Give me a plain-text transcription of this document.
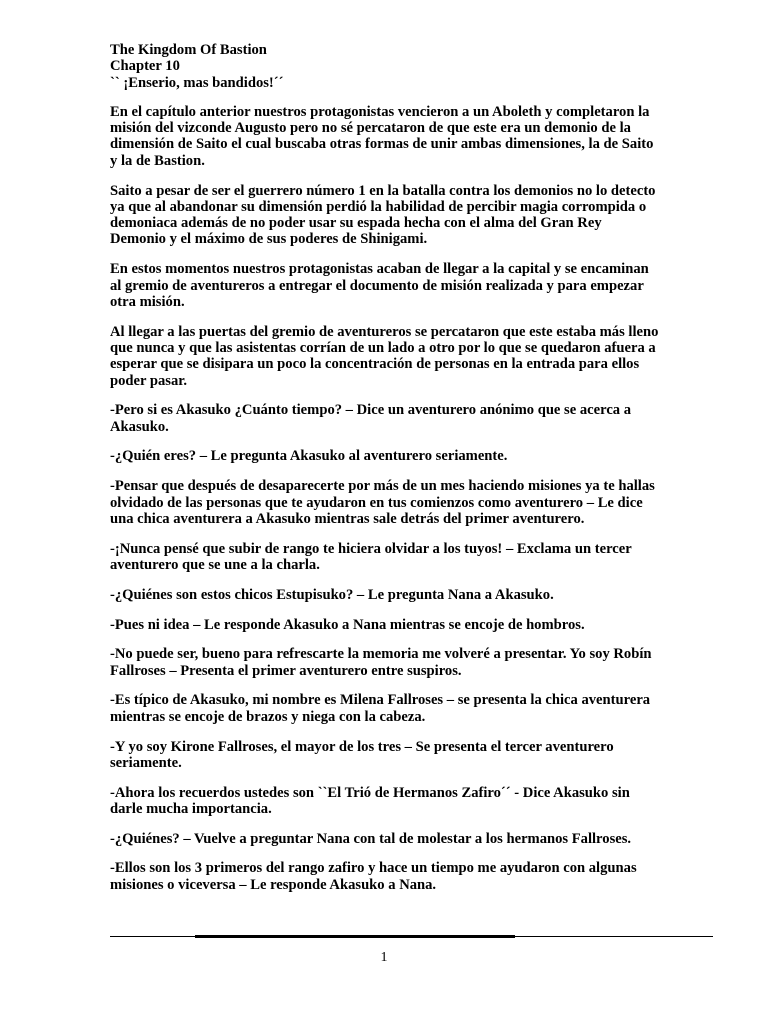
The Kingdom Of Bastion
Chapter 10
`` ¡Enserio, mas bandidos!´´

En el capítulo anterior nuestros protagonistas vencieron a un Aboleth y completaron la misión del vizconde Augusto pero no sé percataron de que este era un demonio de la dimensión de Saito el cual buscaba otras formas de unir ambas dimensiones, la de Saito y la de Bastion.

Saito a pesar de ser el guerrero número 1 en la batalla contra los demonios no lo detecto ya que al abandonar su dimensión perdió la habilidad de percibir magia corrompida o demoniaca además de no poder usar su espada hecha con el alma del Gran Rey Demonio y el máximo de sus poderes de Shinigami.

En estos momentos nuestros protagonistas acaban de llegar a la capital y se encaminan al gremio de aventureros a entregar el documento de misión realizada y para empezar otra misión.

Al llegar a las puertas del gremio de aventureros se percataron que este estaba más lleno que nunca y que las asistentas corrían de un lado a otro por lo que se quedaron afuera a esperar que se disipara un poco la concentración de personas en la entrada para ellos poder pasar.

-Pero si es Akasuko ¿Cuánto tiempo? – Dice un aventurero anónimo que se acerca a Akasuko.

-¿Quién eres? – Le pregunta Akasuko al aventurero seriamente.

-Pensar que después de desaparecerte por más de un mes haciendo misiones ya te hallas olvidado de las personas que te ayudaron en tus comienzos como aventurero – Le dice una chica aventurera a Akasuko mientras sale detrás del primer aventurero.

-¡Nunca pensé que subir de rango te hiciera olvidar a los tuyos! – Exclama un tercer aventurero que se une a la charla.

-¿Quiénes son estos chicos Estupisuko? – Le pregunta Nana a Akasuko.

-Pues ni idea – Le responde Akasuko a Nana mientras se encoje de hombros.

-No puede ser, bueno para refrescarte la memoria me volveré a presentar. Yo soy Robín Fallroses – Presenta el primer aventurero entre suspiros.

-Es típico de Akasuko, mi nombre es Milena Fallroses – se presenta la chica aventurera mientras se encoje de brazos y niega con la cabeza.

-Y yo soy Kirone Fallroses, el mayor de los tres – Se presenta el tercer aventurero seriamente.

-Ahora los recuerdos ustedes son ``El Trió de Hermanos Zafiro´´ - Dice Akasuko sin darle mucha importancia.

-¿Quiénes? – Vuelve a preguntar Nana con tal de molestar a los hermanos Fallroses.

-Ellos son los 3 primeros del rango zafiro y hace un tiempo me ayudaron con algunas misiones o viceversa – Le responde Akasuko a Nana.

1
